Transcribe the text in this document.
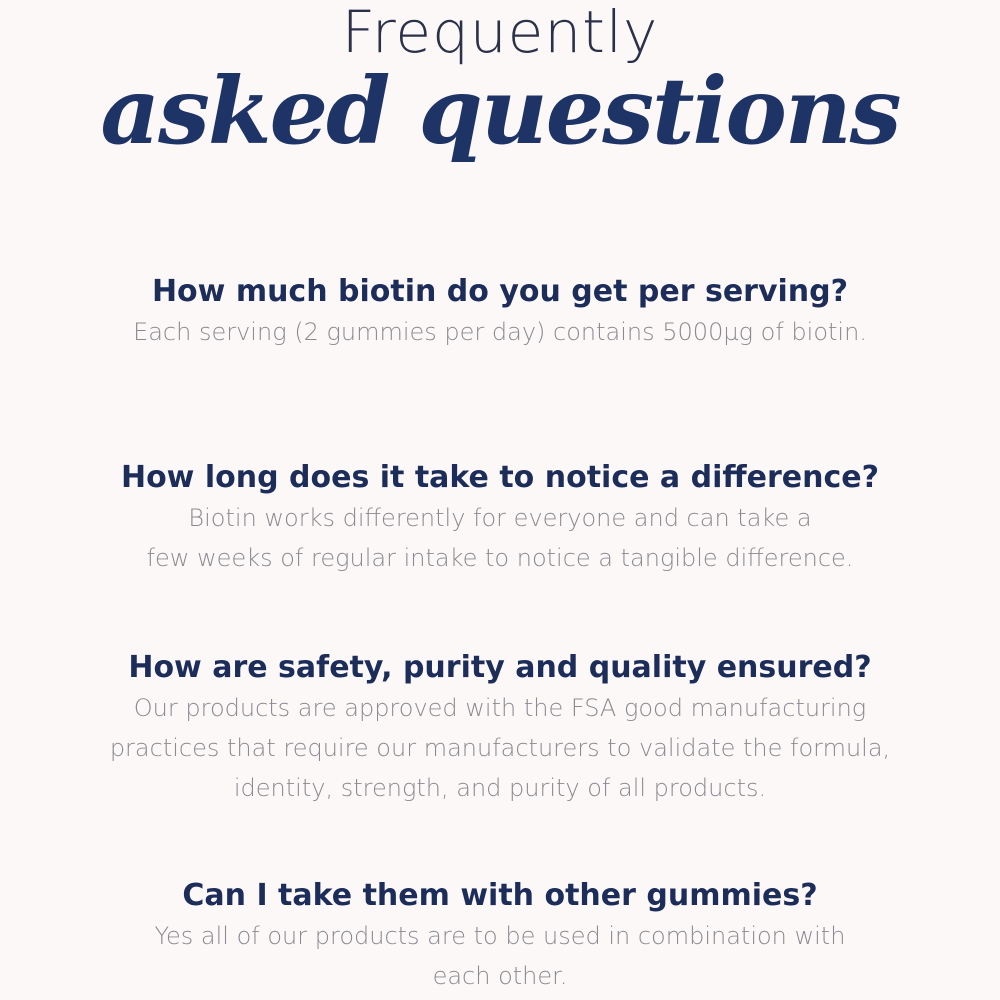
Frequently
asked questions
How much biotin do you get per serving?

Each serving (2 gummies per day) contains 5000µg of biotin.

How long does it take to notice a difference?

Biotin works differently for everyone and can take a
few weeks of regular intake to notice a tangible difference.

How are safety, purity and quality ensured?

Our products are approved with the FSA good manufacturing
practices that require our manufacturers to validate the formula,
identity, strength, and purity of all products.

Can I take them with other gummies?

Yes all of our products are to be used in combination with
each other.
